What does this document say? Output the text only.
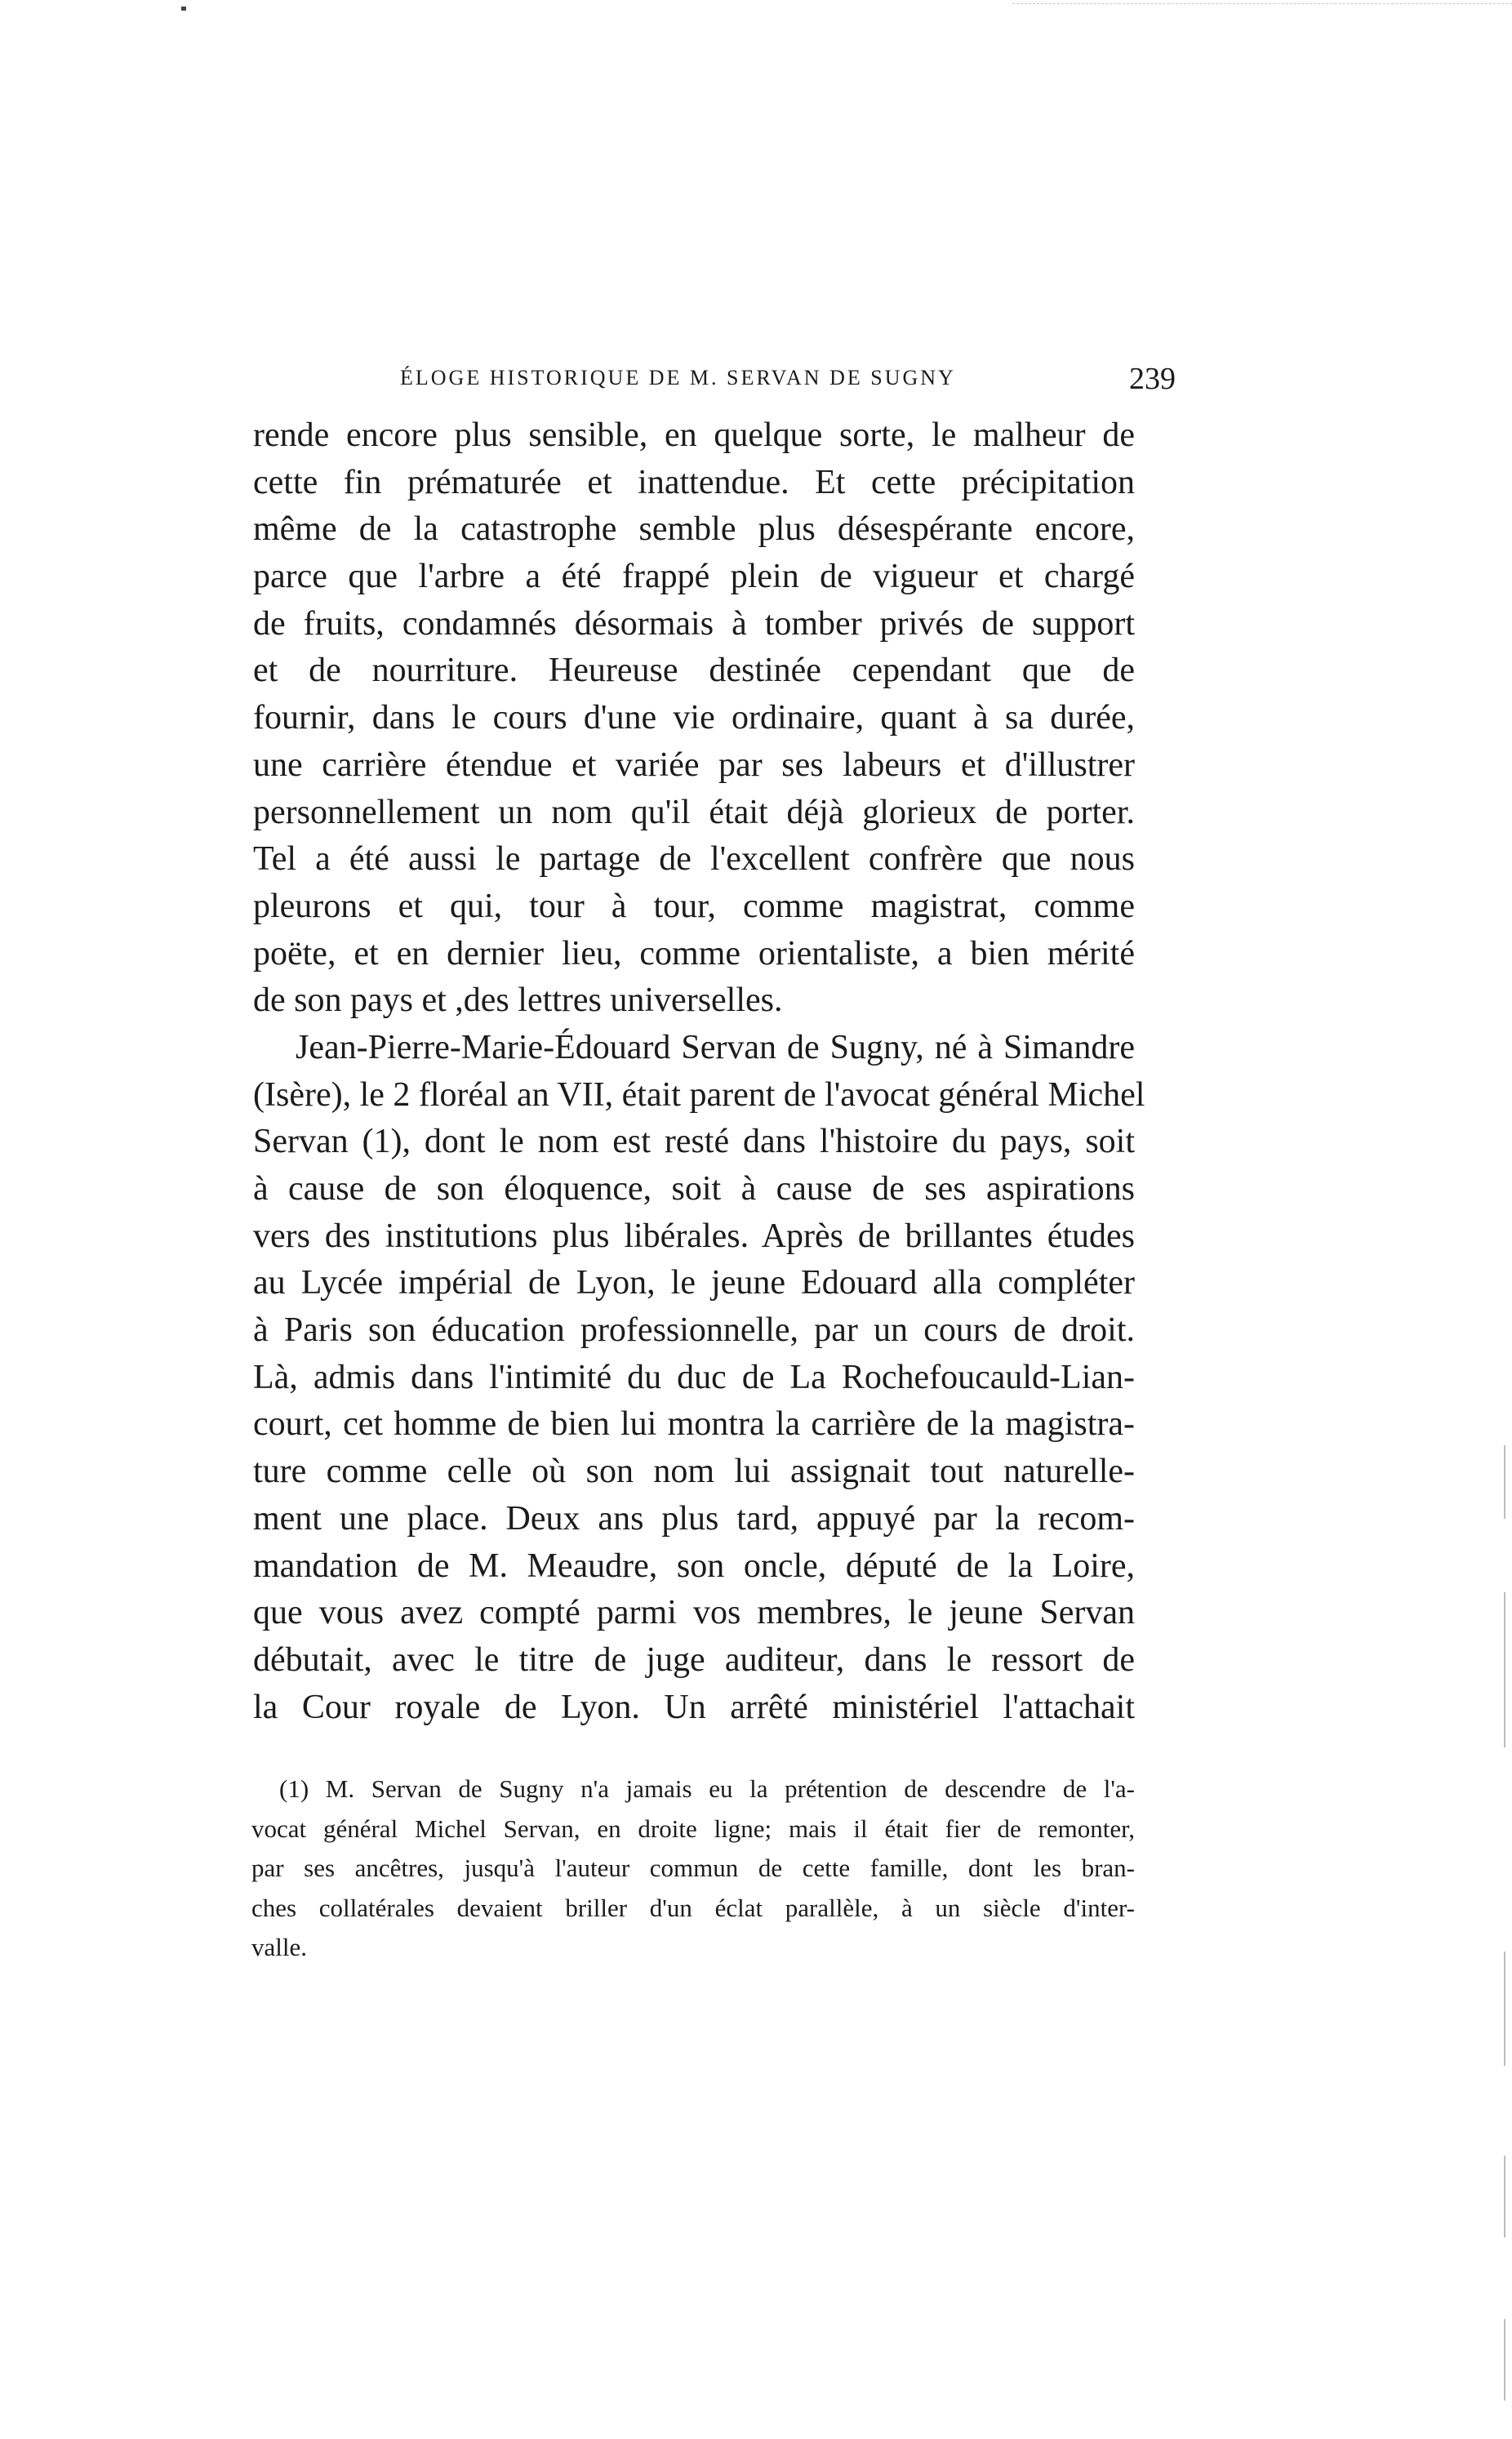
ÉLOGE HISTORIQUE DE M. SERVAN DE SUGNY	239
rende encore plus sensible, en quelque sorte, le malheur de
cette fin prématurée et inattendue. Et cette précipitation
même de la catastrophe semble plus désespérante encore,
parce que l'arbre a été frappé plein de vigueur et chargé
de fruits, condamnés désormais à tomber privés de support
et de nourriture. Heureuse destinée cependant que de
fournir, dans le cours d'une vie ordinaire, quant à sa durée,
une carrière étendue et variée par ses labeurs et d'illustrer
personnellement un nom qu'il était déjà glorieux de porter.
Tel a été aussi le partage de l'excellent confrère que nous
pleurons et qui, tour à tour, comme magistrat, comme
poëte, et en dernier lieu, comme orientaliste, a bien mérité
de son pays et ,des lettres universelles.
Jean-Pierre-Marie-Édouard Servan de Sugny, né à Simandre
(Isère), le 2 floréal an VII, était parent de l'avocat général Michel
Servan (1), dont le nom est resté dans l'histoire du pays, soit
à cause de son éloquence, soit à cause de ses aspirations
vers des institutions plus libérales. Après de brillantes études
au Lycée impérial de Lyon, le jeune Edouard alla compléter
à Paris son éducation professionnelle, par un cours de droit.
Là, admis dans l'intimité du duc de La Rochefoucauld-Lian-
court, cet homme de bien lui montra la carrière de la magistra-
ture comme celle où son nom lui assignait tout naturelle-
ment une place. Deux ans plus tard, appuyé par la recom-
mandation de M. Meaudre, son oncle, député de la Loire,
que vous avez compté parmi vos membres, le jeune Servan
débutait, avec le titre de juge auditeur, dans le ressort de
la Cour royale de Lyon. Un arrêté ministériel l'attachait
(1) M. Servan de Sugny n'a jamais eu la prétention de descendre de l'a-
vocat général Michel Servan, en droite ligne; mais il était fier de remonter,
par ses ancêtres, jusqu'à l'auteur commun de cette famille, dont les bran-
ches collatérales devaient briller d'un éclat parallèle, à un siècle d'inter-
valle.
